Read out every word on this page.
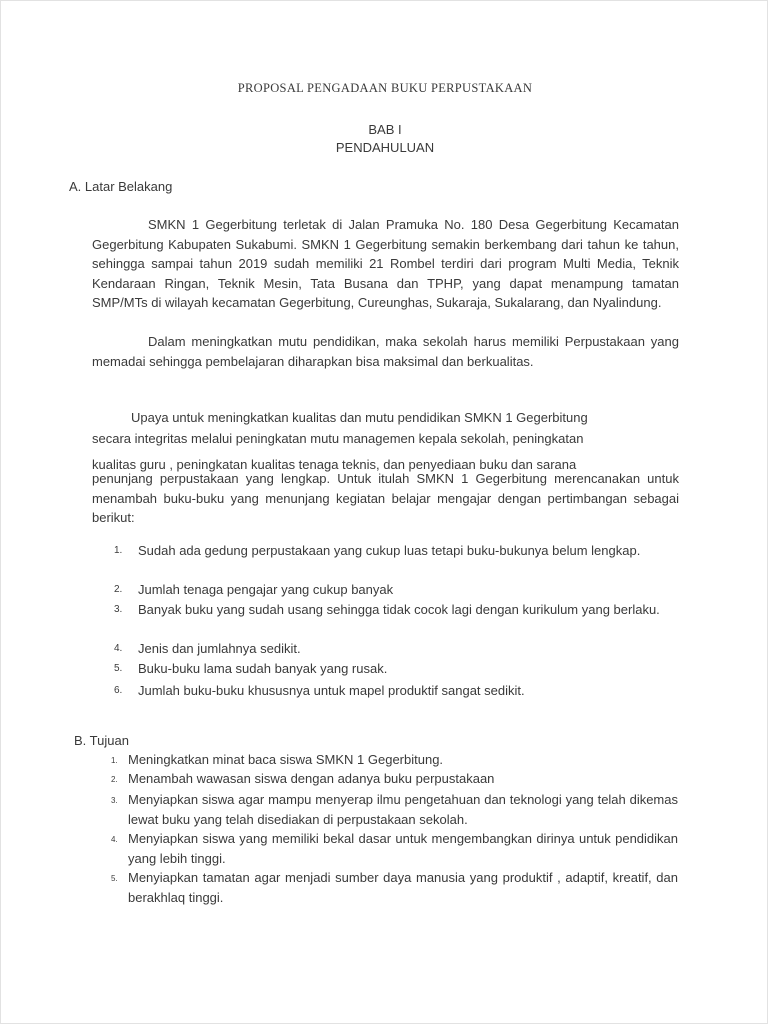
PROPOSAL PENGADAAN BUKU PERPUSTAKAAN
BAB I
PENDAHULUAN
A. Latar Belakang
SMKN 1 Gegerbitung terletak di Jalan Pramuka No. 180 Desa Gegerbitung Kecamatan Gegerbitung Kabupaten Sukabumi. SMKN 1 Gegerbitung semakin berkembang dari tahun ke tahun, sehingga sampai tahun 2019 sudah memiliki 21 Rombel terdiri dari program Multi Media, Teknik Kendaraan Ringan, Teknik Mesin, Tata Busana dan TPHP, yang dapat menampung tamatan SMP/MTs di wilayah kecamatan Gegerbitung, Cureunghas, Sukaraja, Sukalarang, dan Nyalindung.
Dalam meningkatkan mutu pendidikan, maka sekolah harus memiliki Perpustakaan yang memadai sehingga pembelajaran diharapkan bisa maksimal dan berkualitas.
Upaya untuk meningkatkan kualitas dan mutu pendidikan SMKN 1 Gegerbitung
secara integritas melalui peningkatan mutu managemen kepala sekolah, peningkatan
kualitas guru , peningkatan kualitas tenaga teknis, dan penyediaan buku dan sarana
penunjang perpustakaan yang lengkap. Untuk itulah SMKN 1 Gegerbitung merencanakan untuk menambah buku-buku yang menunjang kegiatan belajar mengajar dengan pertimbangan sebagai berikut:
1. Sudah ada gedung perpustakaan yang cukup luas tetapi buku-bukunya belum lengkap.
2. Jumlah tenaga pengajar yang cukup banyak
3. Banyak buku yang sudah usang sehingga tidak cocok lagi dengan kurikulum yang berlaku.
4. Jenis dan jumlahnya sedikit.
5. Buku-buku lama sudah banyak yang rusak.
6. Jumlah buku-buku khususnya untuk mapel produktif sangat sedikit.
B. Tujuan
1. Meningkatkan minat baca siswa SMKN 1 Gegerbitung.
2. Menambah wawasan siswa dengan adanya buku perpustakaan
3. Menyiapkan siswa agar mampu menyerap ilmu pengetahuan dan teknologi yang telah dikemas lewat buku yang telah disediakan di perpustakaan sekolah.
4. Menyiapkan siswa yang memiliki bekal dasar untuk mengembangkan dirinya untuk pendidikan yang lebih tinggi.
5. Menyiapkan tamatan agar menjadi sumber daya manusia yang produktif , adaptif, kreatif, dan berakhlaq tinggi.
